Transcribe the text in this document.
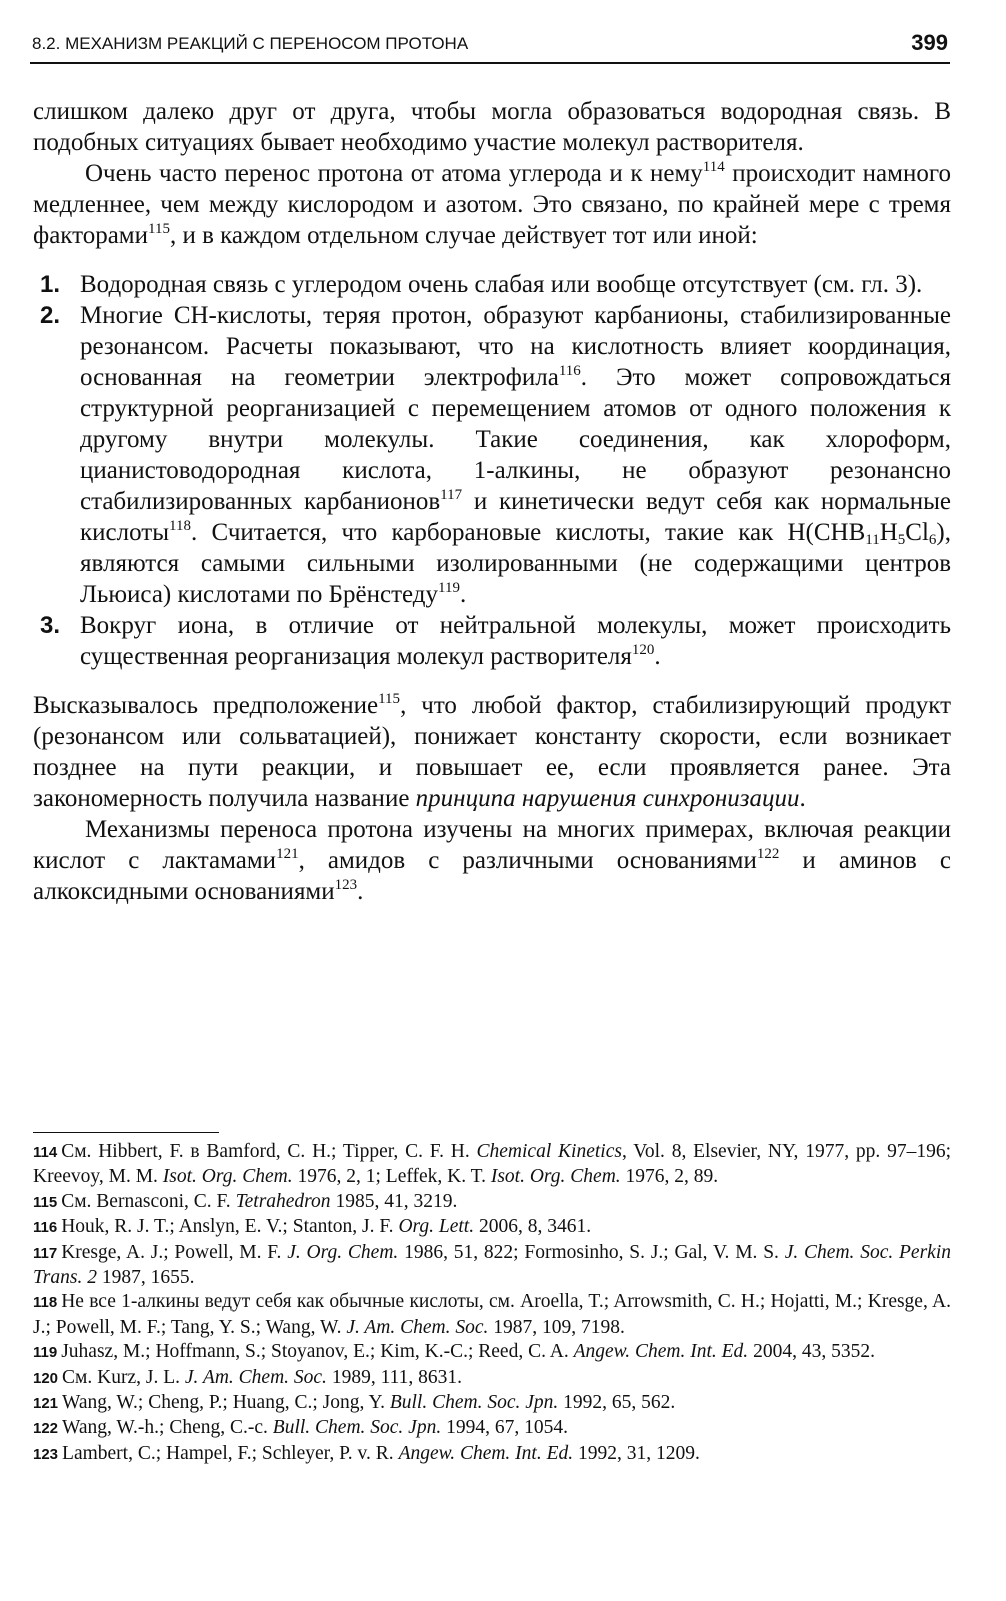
8.2. МЕХАНИЗМ РЕАКЦИЙ С ПЕРЕНОСОМ ПРОТОНА	399

слишком далеко друг от друга, чтобы могла образоваться водородная связь. В подобных ситуациях бывает необходимо участие молекул растворителя.

Очень часто перенос протона от атома углерода и к нему$^{114}$ происходит намного медленнее, чем между кислородом и азотом. Это связано, по крайней мере с тремя факторами$^{115}$, и в каждом отдельном случае действует тот или иной:

1. Водородная связь с углеродом очень слабая или вообще отсутствует (см. гл. 3).
2. Многие CH-кислоты, теряя протон, образуют карбанионы, стабилизированные резонансом. Расчеты показывают, что на кислотность влияет координация, основанная на геометрии электрофила$^{116}$. Это может сопровождаться структурной реорганизацией с перемещением атомов от одного положения к другому внутри молекулы. Такие соединения, как хлороформ, цианистоводородная кислота, 1-алкины, не образуют резонансно стабилизированных карбанионов$^{117}$ и кинетически ведут себя как нормальные кислоты$^{118}$. Считается, что карборановые кислоты, такие как $H(CHB_{11}H_5Cl_6)$, являются самыми сильными изолированными (не содержащими центров Льюиса) кислотами по Брёнстеду$^{119}$.
3. Вокруг иона, в отличие от нейтральной молекулы, может происходить существенная реорганизация молекул растворителя$^{120}$.

Высказывалось предположение$^{115}$, что любой фактор, стабилизирующий продукт (резонансом или сольватацией), понижает константу скорости, если возникает позднее на пути реакции, и повышает ее, если проявляется ранее. Эта закономерность получила название принципа нарушения синхронизации.

Механизмы переноса протона изучены на многих примерах, включая реакции кислот с лактамами$^{121}$, амидов с различными основаниями$^{122}$ и аминов с алкоксидными основаниями$^{123}$.

114 См. Hibbert, F. в Bamford, C. H.; Tipper, C. F. H. Chemical Kinetics, Vol. 8, Elsevier, NY, 1977, pp. 97–196; Kreevoy, M. M. Isot. Org. Chem. 1976, 2, 1; Leffek, K. T. Isot. Org. Chem. 1976, 2, 89.

115 См. Bernasconi, C. F. Tetrahedron 1985, 41, 3219.

116 Houk, R. J. T.; Anslyn, E. V.; Stanton, J. F. Org. Lett. 2006, 8, 3461.

117 Kresge, A. J.; Powell, M. F. J. Org. Chem. 1986, 51, 822; Formosinho, S. J.; Gal, V. M. S. J. Chem. Soc. Perkin Trans. 2 1987, 1655.

118 Не все 1-алкины ведут себя как обычные кислоты, см. Aroella, T.; Arrowsmith, C. H.; Hojatti, M.; Kresge, A. J.; Powell, M. F.; Tang, Y. S.; Wang, W. J. Am. Chem. Soc. 1987, 109, 7198.

119 Juhasz, M.; Hoffmann, S.; Stoyanov, E.; Kim, K.-C.; Reed, C. A. Angew. Chem. Int. Ed. 2004, 43, 5352.

120 См. Kurz, J. L. J. Am. Chem. Soc. 1989, 111, 8631.

121 Wang, W.; Cheng, P.; Huang, C.; Jong, Y. Bull. Chem. Soc. Jpn. 1992, 65, 562.

122 Wang, W.-h.; Cheng, C.-c. Bull. Chem. Soc. Jpn. 1994, 67, 1054.

123 Lambert, C.; Hampel, F.; Schleyer, P. v. R. Angew. Chem. Int. Ed. 1992, 31, 1209.
